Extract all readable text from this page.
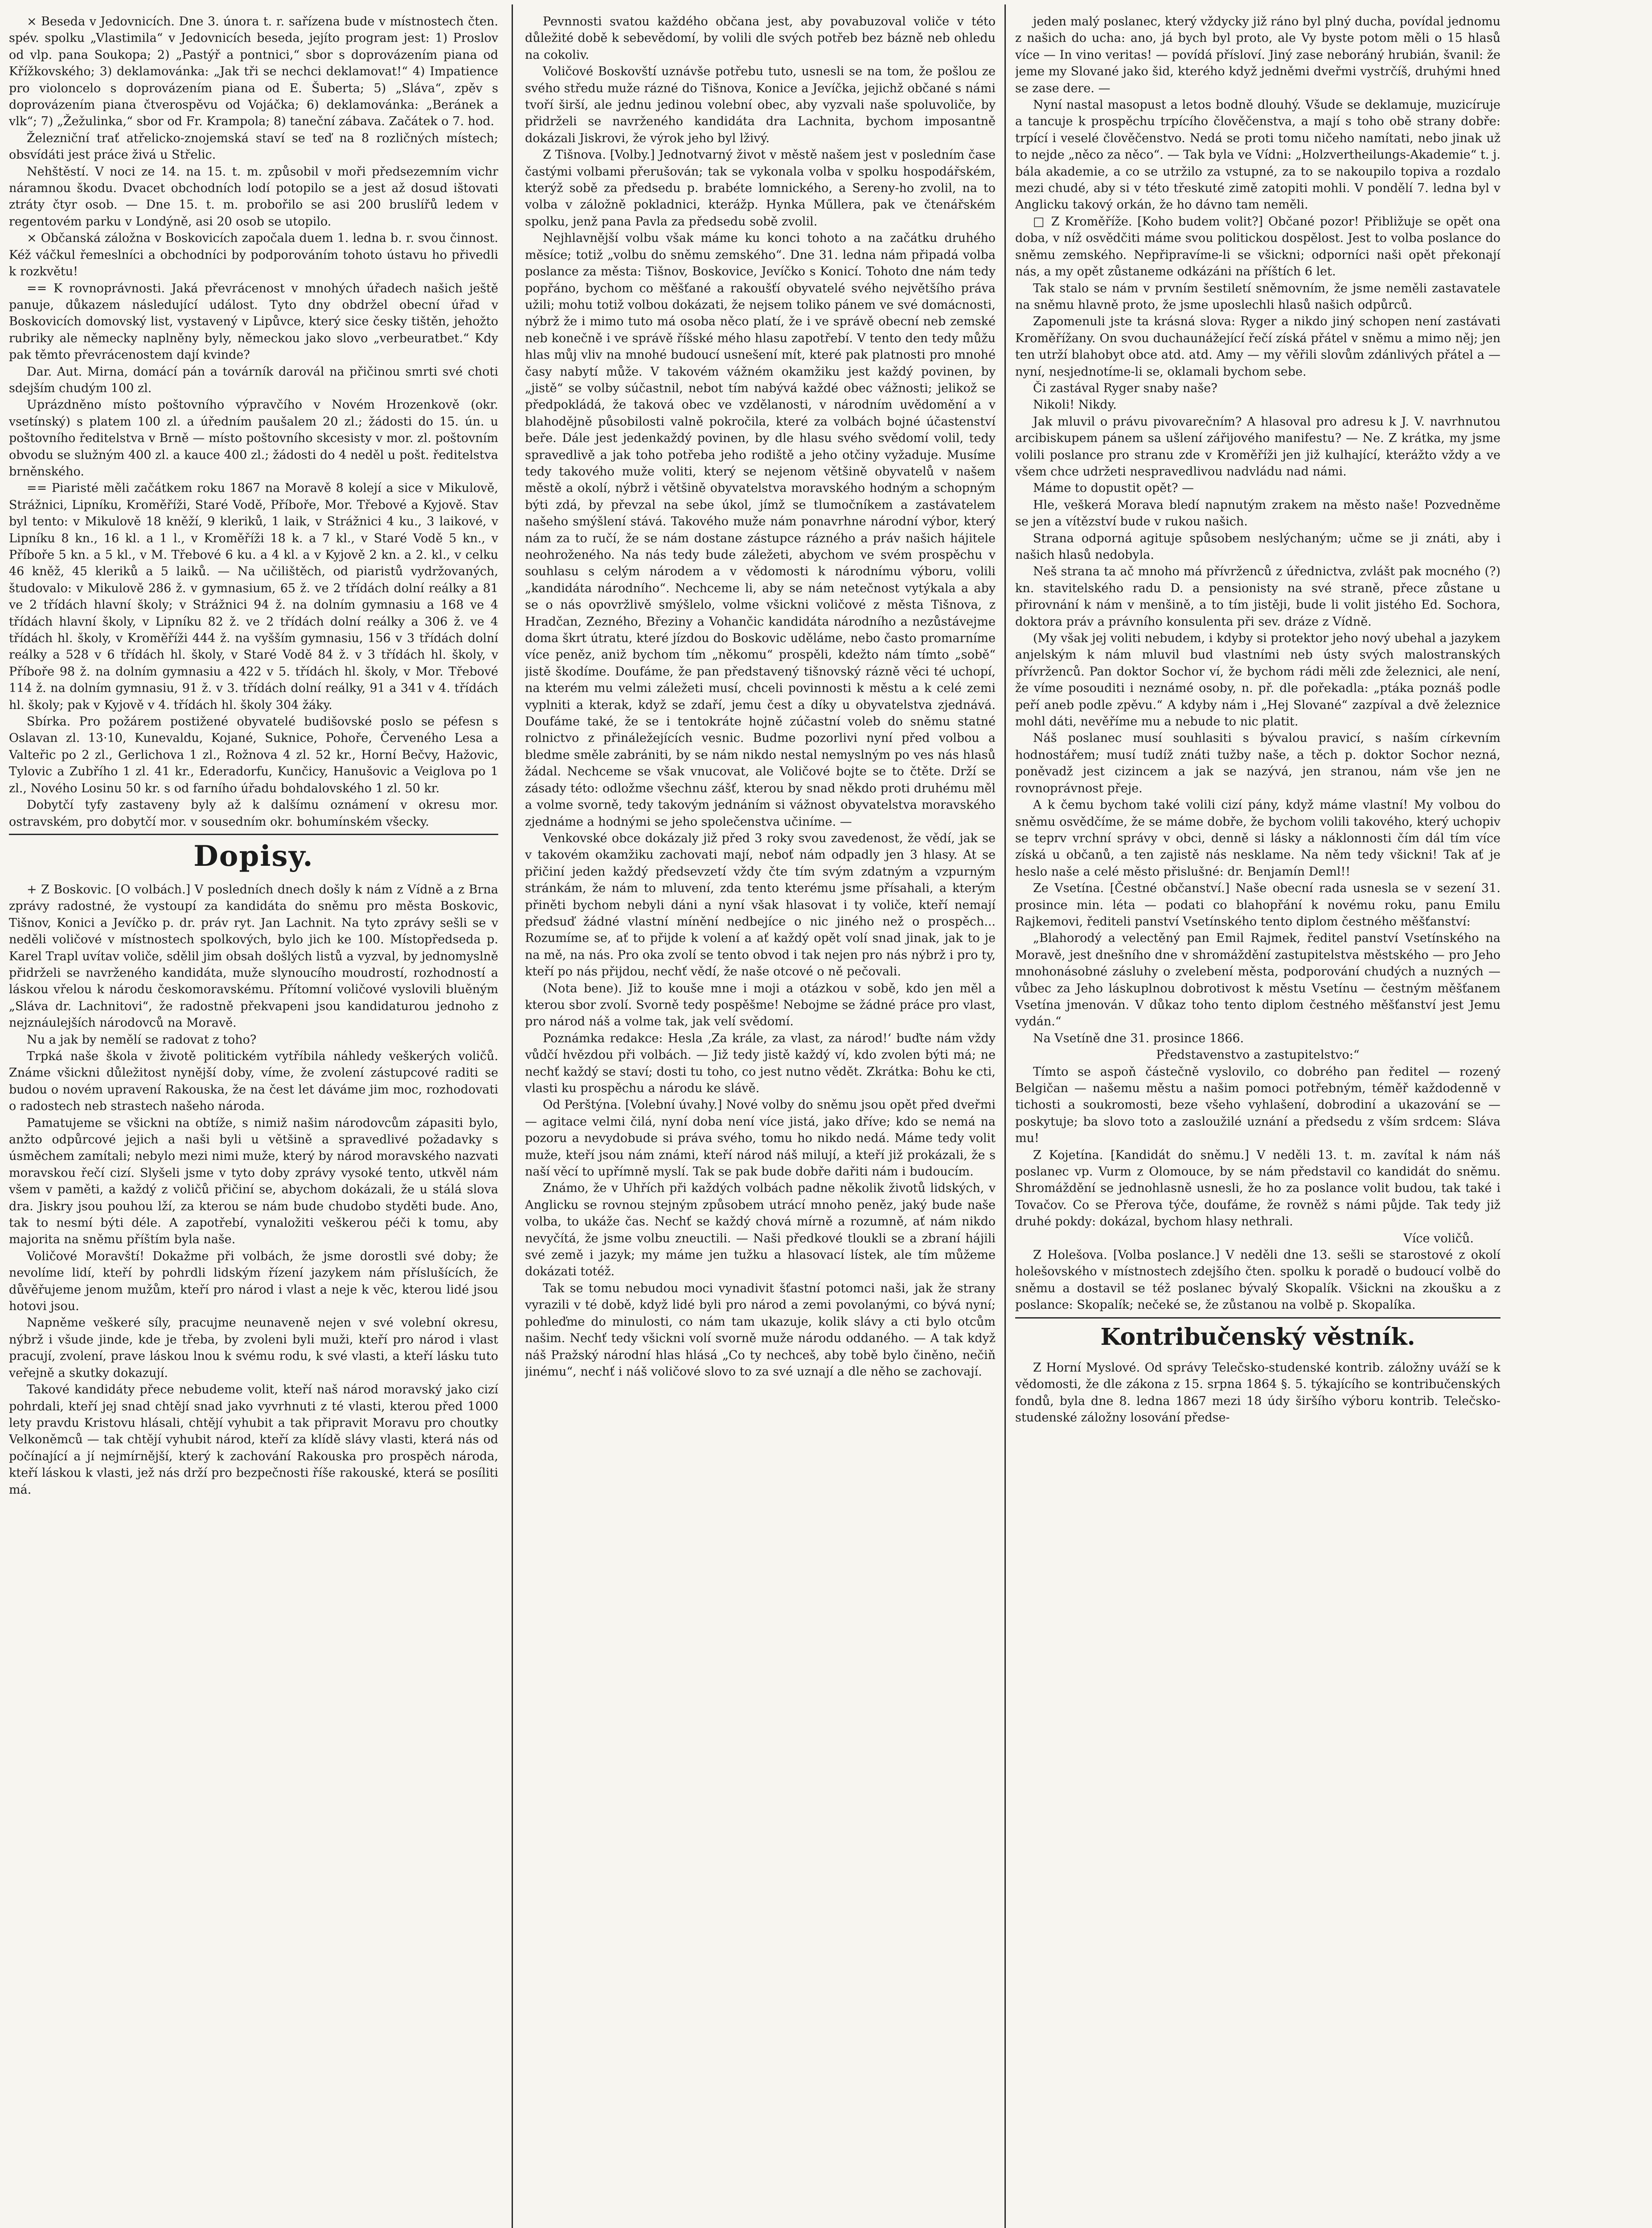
× Beseda v Jedovnicích. Dne 3. února t. r. sařízena bude v místnostech čten. spév. spolku „Vlastimila“ v Jedovnicích beseda, jejíto program jest: 1) Proslov od vlp. pana Soukopa; 2) „Pastýř a pontnici,“ sbor s doprovázením piana od Křížkovského; 3) deklamovánka: „Jak tři se nechci deklamovat!“ 4) Impatience pro violoncelo s doprovázením piana od E. Šuberta; 5) „Sláva“, zpěv s doprovázením piana čtverospěvu od Vojáčka; 6) deklamovánka: „Beránek a vlk“; 7) „Žežulinka,“ sbor od Fr. Krampola; 8) taneční zábava. Začátek o 7. hod.

Železniční trať atřelicko-znojemská staví se teď na 8 rozličných místech; obsvídáti jest práce živá u Střelic.

Nehštěstí. V noci ze 14. na 15. t. m. způsobil v moři předsezemním vichr náramnou škodu. Dvacet obchodních lodí potopilo se a jest až dosud ištovati ztráty čtyr osob. — Dne 15. t. m. probořilo se asi 200 bruslířů ledem v regentovém parku v Londýně, asi 20 osob se utopilo.

× Občanská záložna v Boskovicích započala duem 1. ledna b. r. svou činnost. Kéž váčkul řemeslníci a obchodníci by podporováním tohoto ústavu ho přivedli k rozkvětu!

== K rovnoprávnosti. Jaká převrácenost v mnohých úřadech našich ještě panuje, důkazem následující událost. Tyto dny obdržel obecní úřad v Boskovicích domovský list, vystavený v Lipůvce, který sice česky tištěn, jehožto rubriky ale německy napln‌ěny byly, německou jako slovo „verbeuratbet.“ Kdy pak těmto převrácenostem dají kvinde?

Dar. Aut. Mirna, domácí pán a továrník darovál na přičinou smrti své choti sdejším chudým 100 zl.

Uprázdněno místo poštovního výpravčího v Novém Hrozenkově (okr. vsetínský) s platem 100 zl. a úředním paušalem 20 zl.; žádosti do 15. ún. u poštovního ředitelstva v Brně — místo poštovního skcesisty v mor. zl. poštovním obvodu se služným 400 zl. a kauce 400 zl.; žádosti do 4 neděl u pošt. ředitelstva brněnského.

== Piaristé měli začátkem roku 1867 na Moravě 8 kolejí a sice v Mikulově, Strážnici, Lipníku, Kroměříži, Staré Vodě, Příboře, Mor. Třebové a Kyjově. Stav byl tento: v Mikulově 18 kněží, 9 kleriků, 1 laik, v Strážnici 4 ku., 3 laikové, v Lipníku 8 kn., 16 kl. a 1 l., v Kroměříži 18 k. a 7 kl., v Staré Vodě 5 kn., v Příboře 5 kn. a 5 kl., v M. Třebové 6 ku. a 4 kl. a v Kyjově 2 kn. a 2. kl., v celku 46 kněž, 45 kleriků a 5 laiků. — Na učilištěch, od piaristů vydržovaných, študovalo: v Mikulově 286 ž. v gymnasium, 65 ž. ve 2 třídách dolní reálky a 81 ve 2 třídách hlavní školy; v Strážnici 94 ž. na dolním gymnasiu a 168 ve 4 třídách hlavní školy, v Lipníku 82 ž. ve 2 třídách dolní reálky a 306 ž. ve 4 třídách hl. školy, v Kroměříži 444 ž. na vyšším gymnasiu, 156 v 3 třídách dolní reálky a 528 v 6 třídách hl. školy, v Staré Vodě 84 ž. v 3 třídách hl. školy, v Příboře 98 ž. na dolním gymnasiu a 422 v 5. třídách hl. školy, v Mor. Třebové 114 ž. na dolním gymnasiu, 91 ž. v 3. třídách dolní reálky, 91 a 341 v 4. třídách hl. školy; pak v Kyjově v 4. třídách hl. školy 304 žáky.

Sbírka. Pro požárem postižené obyvatelé budišovské poslo se péfesn s Oslavan zl. 13·10, Kunevaldu, Kojané, Suknice, Pohoře, Červeného Lesa a Valteřic po 2 zl., Gerlichova 1 zl., Rožnova 4 zl. 52 kr., Horní Bečvy, Hažovic, Tylovic a Zubřího 1 zl. 41 kr., Ederadorfu, Kunčicy, Hanušovic a Veiglova po 1 zl., Nového Losinu 50 kr. s od farního úřadu bohdalovského 1 zl. 50 kr.

Dobytčí tyfy zastaveny byly až k dalšímu oznámení v okresu mor. ostravském, pro dobytčí mor. v sousedním okr. bohumínském všecky.

Dopisy.

+ Z Boskovic. [O volbách.] V posledních dnech došly k nám z Vídně a z Brna zprávy radostné, že vystoupí za kandidáta do sněmu pro města Boskovic, Tišnov, Konici a Jevíčko p. dr. práv ryt. Jan Lachnit. Na tyto zprávy sešli se v neděli voličové v místnostech spolkových, bylo jich ke 100. Místopředseda p. Karel Trapl uvítav voliče, sdělil jim obsah došlých listů a vyzval, by jednomyslně přidrželi se navrženého kandidáta, muže slynoucího moudrostí, rozhodností a láskou vřelou k národu českomoravskému. Přítomní voličové vyslovili bluěným „Sláva dr. Lachnitovi“, že radostně překvapeni jsou kandidaturou jednoho z nejznáulejších národovců na Moravě.

Nu a jak by nemělí se radovat z toho?

Trpká naše škola v životě politickém vytříbila náhledy veškerých voličů. Známe všickni důležitost nynější doby, víme, že zvolení zástupcové raditi se budou o novém upravení Rakouska, že na čest let dáváme jim moc, rozhodovati o radostech neb strastech našeho národa.

Pamatujeme se všickni na obtíže, s nimiž našim národovcům zápasiti bylo, anžto odpůrcové jejich a naši byli u většině a spravedlivé požadavky s úsměchem zamítali; nebylo mezi nimi muže, který by národ moravského nazvati moravskou řečí cizí. Slyšeli jsme v tyto doby zprávy vysoké tento, utkvěl nám všem v paměti, a každý z voličů přičiní se, abychom dokázali, že u stálá slova dra. Jiskry jsou pouhou lží, za kterou se nám bude chudobo styděti bude. Ano, tak to nesmí býti déle. A zapotřebí, vynaložiti veškerou péči k tomu, aby majorita na sněmu příštím byla naše.

Voličové Moravští! Dokažme při volbách, že jsme dorostli své doby; že nevolíme lidí, kteří by pohrdli lidským řízení jazykem nám příslušících, že důvěřujeme jenom mužům, kteří pro národ i vlast a neje k věc, kterou lidé jsou hotovi jsou.

Napněme veškeré síly, pracujme neunaveně nejen v své volební okresu, nýbrž i všude jinde, kde je třeba, by zvoleni byli muži, kteří pro národ i vlast pracují, zvolení, prave láskou lnou k svému rodu, k své vlasti, a kteří lásku tuto veřejně a skutky dokazují.

Takové kandidáty přece nebudeme volit, kteří naš národ moravský jako cizí pohrdali, kteří jej snad chtějí snad jako vyvrhnuti z té vlasti, kterou před 1000 lety pravdu Kristovu hlásali, chtějí vyhubit a tak připravit Moravu pro choutky Velkoněmců — tak chtějí vyhubit národ, kteří za klídě slávy vlasti, která nás od počínající a jí nejmírnější, který k zachování Rakouska pro prospěch národa, kteří láskou k vlasti, jež nás drží pro bezpečnosti říše rakouské, která se posíliti má.

Pevnnosti svatou každého občana jest, aby povabuzoval voliče v této důležité době k sebevědomí, by volili dle svých potřeb bez bázně neb ohledu na cokoliv.

Voličové Boskovští uznávše potřebu tuto, usnesli se na tom, že pošlou ze svého středu muže rázné do Tišnova, Konice a Jevíčka, jejichž občané s námi tvoří širší, ale jednu jedinou volební obec, aby vyzvali naše spoluvoliče, by přidrželi se navrženého kandidáta dra Lachnita, bychom imposantně dokázali Jiskrovi, že výrok jeho byl lživý.

Z Tišnova. [Volby.] Jednotvarný život v městě našem jest v posledním čase častými volbami přerušován; tak se vykonala volba v spolku hospodářském, kterýž sobě za předsedu p. brabéte lomnického, a Sereny-ho zvolil, na to volba v záložně pokladnici, kterážp. Hynka Műllera, pak ve čtenářském spolku, jenž pana Pavla za předsedu sobě zvolil.

Nejhlavnější volbu však máme ku konci tohoto a na začátku druhého měsíce; totiž „volbu do sněmu zemského“. Dne 31. ledna nám připadá volba poslance za města: Tišnov, Boskovice, Jevíčko s Konicí. Tohoto dne nám tedy popřáno, bychom co měšťané a rakoušťí obyvatelé svého největšího práva užili; mohu totiž volbou dokázati, že nejsem toliko pánem ve své domácnosti, nýbrž že i mimo tuto má osoba něco platí, že i ve správě obecní neb zemské neb konečně i ve správě říšské mého hlasu zapotřebí. V tento den tedy můžu hlas můj vliv na mnohé budoucí usnešení mít, které pak platnosti pro mnohé časy nabytí může. V takovém vážném okamžiku jest každý povinen, by „jistě“ se volby súčastnil, nebot tím nabývá každé obec vážnosti; jelikož se předpokládá, že taková obec ve vzdělanosti, v národním uvědomění a v blahodějně působilosti valně pokročila, které za volbách bojné účastenství beře. Dále jest jedenkaždý povinen, by dle hlasu svého svědomí volil, tedy spravedlivě a jak toho potřeba jeho rodiště a jeho otčiny vyžaduje. Musíme tedy takového muže voliti, který se nejenom většině obyvatelů v našem městě a okolí, nýbrž i většině obyvatelstva moravského hodným a schopným býti zdá, by převzal na sebe úkol, jímž se tlumočníkem a zastávatelem našeho smýšlení stává. Takového muže nám ponavrhne národní výbor, který nám za to ručí, že se nám dostane zástupce rázného a práv našich hájitele neohroženého. Na nás tedy bude záležeti, abychom ve svém prospěchu v souhlasu s celým národem a v vědomosti k národnímu výboru, volili „kandidáta národního“. Nechceme li, aby se nám netečnost vytýkala a aby se o nás opovržlivě smýšlelo, volme všickni voličové z města Tišnova, z Hradčan, Zezného, Březiny a Vohančic kandidáta národního a nezůstávejme doma škrt útratu, které jízdou do Boskovic uděláme, nebo často promarníme více peněz, aniž bychom tím „někomu“ prospěli, kdežto nám tímto „sobě“ jistě škodíme. Doufáme, že pan představený tišnovský rázně věci té uchopí, na kterém mu velmi záležeti musí, chceli povinnosti k městu a k celé zemi vyplniti a kterak, když se zdaří, jemu čest a díky u obyvatelstva zjednává. Doufáme také, že se i tentokráte hojně zúčastní voleb do sněmu statné rolnictvo z přináležejících vesnic. Budme pozorlivi nyní před volbou a bledme směle zabrániti, by se nám nikdo nestal nemyslným po ves nás hlasů žádal. Nechceme se však vnucovat, ale Voličové bojte se to čtěte. Drží se zásady této: odložme všechnu zášť, kterou by snad někdo proti druhému měl a volme svorně, tedy takovým jednáním si vážnost obyvatelstva moravského zjednáme a hodnými se jeho společenstva učiníme. —

Venkovské obce dokázaly již před 3 roky svou zavedenost, že vědí, jak se v takovém okamžiku zachovati mají, neboť nám odpadly jen 3 hlasy. At se přičiní jeden každý předsevzetí vždy čte tím svým zdatným a vzpurným stránkám, že nám to mluvení, zda tento kterému jsme přísahali, a kterým přiněti bychom nebyli dáni a nyní však hlasovat i ty voliče, kteří nemají předsuď žádné vlastní mínění nedbejíce o nic jiného než o prospěch... Rozumíme se, ať to přijde k volení a ať každý opět volí snad jinak, jak to je na mě, na nás. Pro oka zvolí se tento obvod i tak nejen pro nás nýbrž i pro ty, kteří po nás přijdou, nechť vědí, že naše otcové o ně pečovali.

(Nota bene). Již to kouše mne i moji a otázkou v sobě, kdo jen měl a kterou sbor zvolí. Svorně tedy pospěšme! Nebojme se žádné práce pro vlast, pro národ náš a volme tak, jak velí svědomí.

Poznámka redakce: Hesla ‚Za krále, za vlast, za národ!‘ buďte nám vždy vůdčí hvězdou při volbách. — Již tedy jistě každý ví, kdo zvolen býti má; ne nechť každý se staví; dosti tu toho, co jest nutno vědět. Zkrátka: Bohu ke cti, vlasti ku prospěchu a národu ke slávě.

Od Perštýna. [Volební úvahy.] Nové volby do sněmu jsou opět před dveřmi — agitace velmi čilá, nyní doba není více jistá, jako dříve; kdo se nemá na pozoru a nevydobude si práva svého, tomu ho nikdo nedá. Máme tedy volit muže, kteří jsou nám známi, kteří národ náš milují, a kteří již prokázali, že s naší věcí to upřímně myslí. Tak se pak bude dobře dařiti nám i budoucím.

Známo, že v Uhřích při každých volbách padne několik životů lidských, v Anglicku se rovnou stejným způsobem utrácí mnoho peněz, jaký bude naše volba, to ukáže čas. Nechť se každý chová mírně a rozumně, ať nám nikdo nevyčítá, že jsme volbu zneuctili. — Naši předkové tloukli se a zbraní hájili své země i jazyk; my máme jen tužku a hlasovací lístek, ale tím můžeme dokázati totéž.

Tak se tomu nebudou moci vynadivit šťastní potomci naši, jak že strany vyrazili v té době, když lidé byli pro národ a zemi povolanými, co bývá nyní; pohleďme do minulosti, co nám tam ukazuje, kolik slávy a cti bylo otcům našim. Nechť tedy všickni volí svorně muže národu oddaného. — A tak když náš Pražský národní hlas hlásá „Co ty nechceš, aby tobě bylo činěno, nečiň jinému“, nechť i náš voličové slovo to za své uznají a dle něho se zachovají.

jeden malý poslanec, který vždycky již ráno byl plný ducha, povídal jednomu z našich do ucha: ano, já bych byl proto, ale Vy byste potom měli o 15 hlasů více — In vino veritas! — povídá přísloví. Jiný zase neboráný hrubián, švanil: že jeme my Slované jako šid, kterého když jedněmi dveřmi vystrčíš, druhými hned se zase dere. —

Nyní nastal masopust a letos bodně dlouhý. Všude se deklamuje, muzicíruje a tancuje k prospěchu trpícího člověčenstva, a mají s toho obě strany dobře: trpící i veselé člověčenstvo. Nedá se proti tomu ničeho namítati, nebo jinak už to nejde „něco za něco“. — Tak byla ve Vídni: „Holzvertheilungs-Akademie“ t. j. bála akademie, a co se utržilo za vstupné, za to se nakoupilo topiva a rozdalo mezi chudé, aby si v této třeskuté zimě zatopiti mohli. V pondělí 7. ledna byl v Anglicku takový orkán, že ho dávno tam neměli.

□ Z Kroměříže. [Koho budem volit?] Občané pozor! Přibližuje se opět ona doba, v níž osvědčiti máme svou politickou dospělost. Jest to volba poslance do sněmu zemského. Nepřipravíme-li se všickni; odporníci naši opět překonají nás, a my opět zůstaneme odkázáni na příštích 6 let.

Tak stalo se nám v prvním šestiletí sněmovním, že jsme neměli zastavatele na sněmu hlavně proto, že jsme uposlechli hlasů našich odpůrců.

Zapomenuli jste ta krásná slova: Ryger a nikdo jiný schopen není zastávati Kroměřížany. On svou duchaunážející řečí získá přátel v sněmu a mimo něj; jen ten utrží blahobyt obce atd. atd. Amy — my věřili slovům zdánlivých přátel a — nyní, nesjednotíme-li se, oklamali bychom sebe.

Či zastával Ryger snaby naše?

Nikoli! Nikdy.

Jak mluvil o právu pivovarečním? A hlasoval pro adresu k J. V. navrhnutou arcibiskupem pánem sa ušlení zářijového manifestu? — Ne. Z krátka, my jsme volili poslance pro stranu zde v Kroměříži jen již kulhající, kterážto vždy a ve všem chce udržeti nespravedlivou nadvládu nad námi.

Máme to dopustit opět? —

Hle, veškerá Morava bledí napnutým zrakem na město naše! Pozvedněme se jen a vítězství bude v rukou našich.

Strana odporná agituje spůsobem neslýchaným; učme se ji znáti, aby i našich hlasů nedobyla.

Neš strana ta ač mnoho má přívrženců z úřednictva, zvlášt pak mocného (?) kn. stavitelského radu D. a pensionisty na své straně, přece zůstane u přirovnání k nám v menšině, a to tím jistěji, bude li volit jistého Ed. Sochora, doktora práv a právního konsulenta při sev. dráze z Vídně.

(My však jej voliti nebudem, i kdyby si protektor jeho nový ubehal a jazykem anjelským k nám mluvil bud vlastními neb ústy svých malostranských přívrženců. Pan doktor Sochor ví, že bychom rádi měli zde železnici, ale není, že víme posouditi i neznámé osoby, n. př. dle pořekadla: „ptáka poznáš podle peří aneb podle zpěvu.“ A kdyby nám i „Hej Slované“ zazpíval a dvě železnice mohl dáti, nevěříme mu a nebude to nic platit.

Náš poslanec musí souhlasiti s bývalou pravicí, s naším církevním hodnostářem; musí tudíž znáti tužby naše, a těch p. doktor Sochor nezná, poněvadž jest cizincem a jak se nazývá, jen stranou, nám vše jen ne rovnoprávnost přeje.

A k čemu bychom také volili cizí pány, když máme vlastní! My volbou do sněmu osvědčíme, že se máme dobře, že bychom volili takového, který uchopiv se teprv vrchní správy v obci, denně si lásky a náklonnosti čím dál tím více získá u občanů, a ten zajistě nás nesklame. Na něm tedy všickni! Tak ať je heslo naše a celé město přislušné: dr. Benjamín Deml!!

Ze Vsetína. [Čestné občanství.] Naše obecní rada usnesla se v sezení 31. prosince min. léta — podati co blahopřání k novému roku, panu Emilu Rajkemovi, řediteli panství Vsetínského tento diplom čestného měšťanství:

„Blahorodý a velectěný pan Emil Rajmek, ředitel panství Vsetínského na Moravě, jest dnešního dne v shromáždění zastupitelstva městského — pro Jeho mnohonásobné zásluhy o zvelebení města, podporování chudých a nuzných — vůbec za Jeho láskuplnou dobrotivost k městu Vsetínu — čestným měšťanem Vsetína jmenován. V důkaz toho tento diplom čestného měšťanství jest Jemu vydán.“

Na Vsetíně dne 31. prosince 1866.

Představenstvo a zastupitelstvo:“

Tímto se aspoň částečně vyslovilo, co dobrého pan ředitel — rozený Belgičan — našemu městu a našim pomoci potřebným, téměř každodenně v tichosti a soukromosti, beze všeho vyhlašení, dobrodiní a ukazování se — poskytuje; ba slovo toto a zasloužilé uznání a předsedu z vším srdcem: Sláva mu!

Z Kojetína. [Kandidát do sněmu.] V neděli 13. t. m. zavítal k nám náš poslanec vp. Vurm z Olomouce, by se nám představil co kandidát do sněmu. Shromáždění se jednohlasně usnesli, že ho za poslance volit budou, tak také i Tovačov. Co se Přerova týče, doufáme, že rovněž s námi půjde. Tak tedy již druhé pokdy: dokázal, bychom hlasy nethrali.

Více voličů.

Z Holešova. [Volba poslance.] V neděli dne 13. sešli se starostové z okolí holešovského v místnostech zdejšího čten. spolku k poradě o budoucí volbě do sněmu a dostavil se též poslanec bývalý Skopalík. Všickni na zkoušku a z poslance: Skopalík; nečeké se, že zůstanou na volbě p. Skopalíka.

Kontribučenský věstník.

Z Horní Myslové. Od správy Telečsko-studenské kontrib. záložny uváží se k vědomosti, že dle zákona z 15. srpna 1864 §. 5. týkajícího se kontribučenských fondů, byla dne 8. ledna 1867 mezi 18 údy širšího výboru kontrib. Telečsko-studenské záložny losování předse-
